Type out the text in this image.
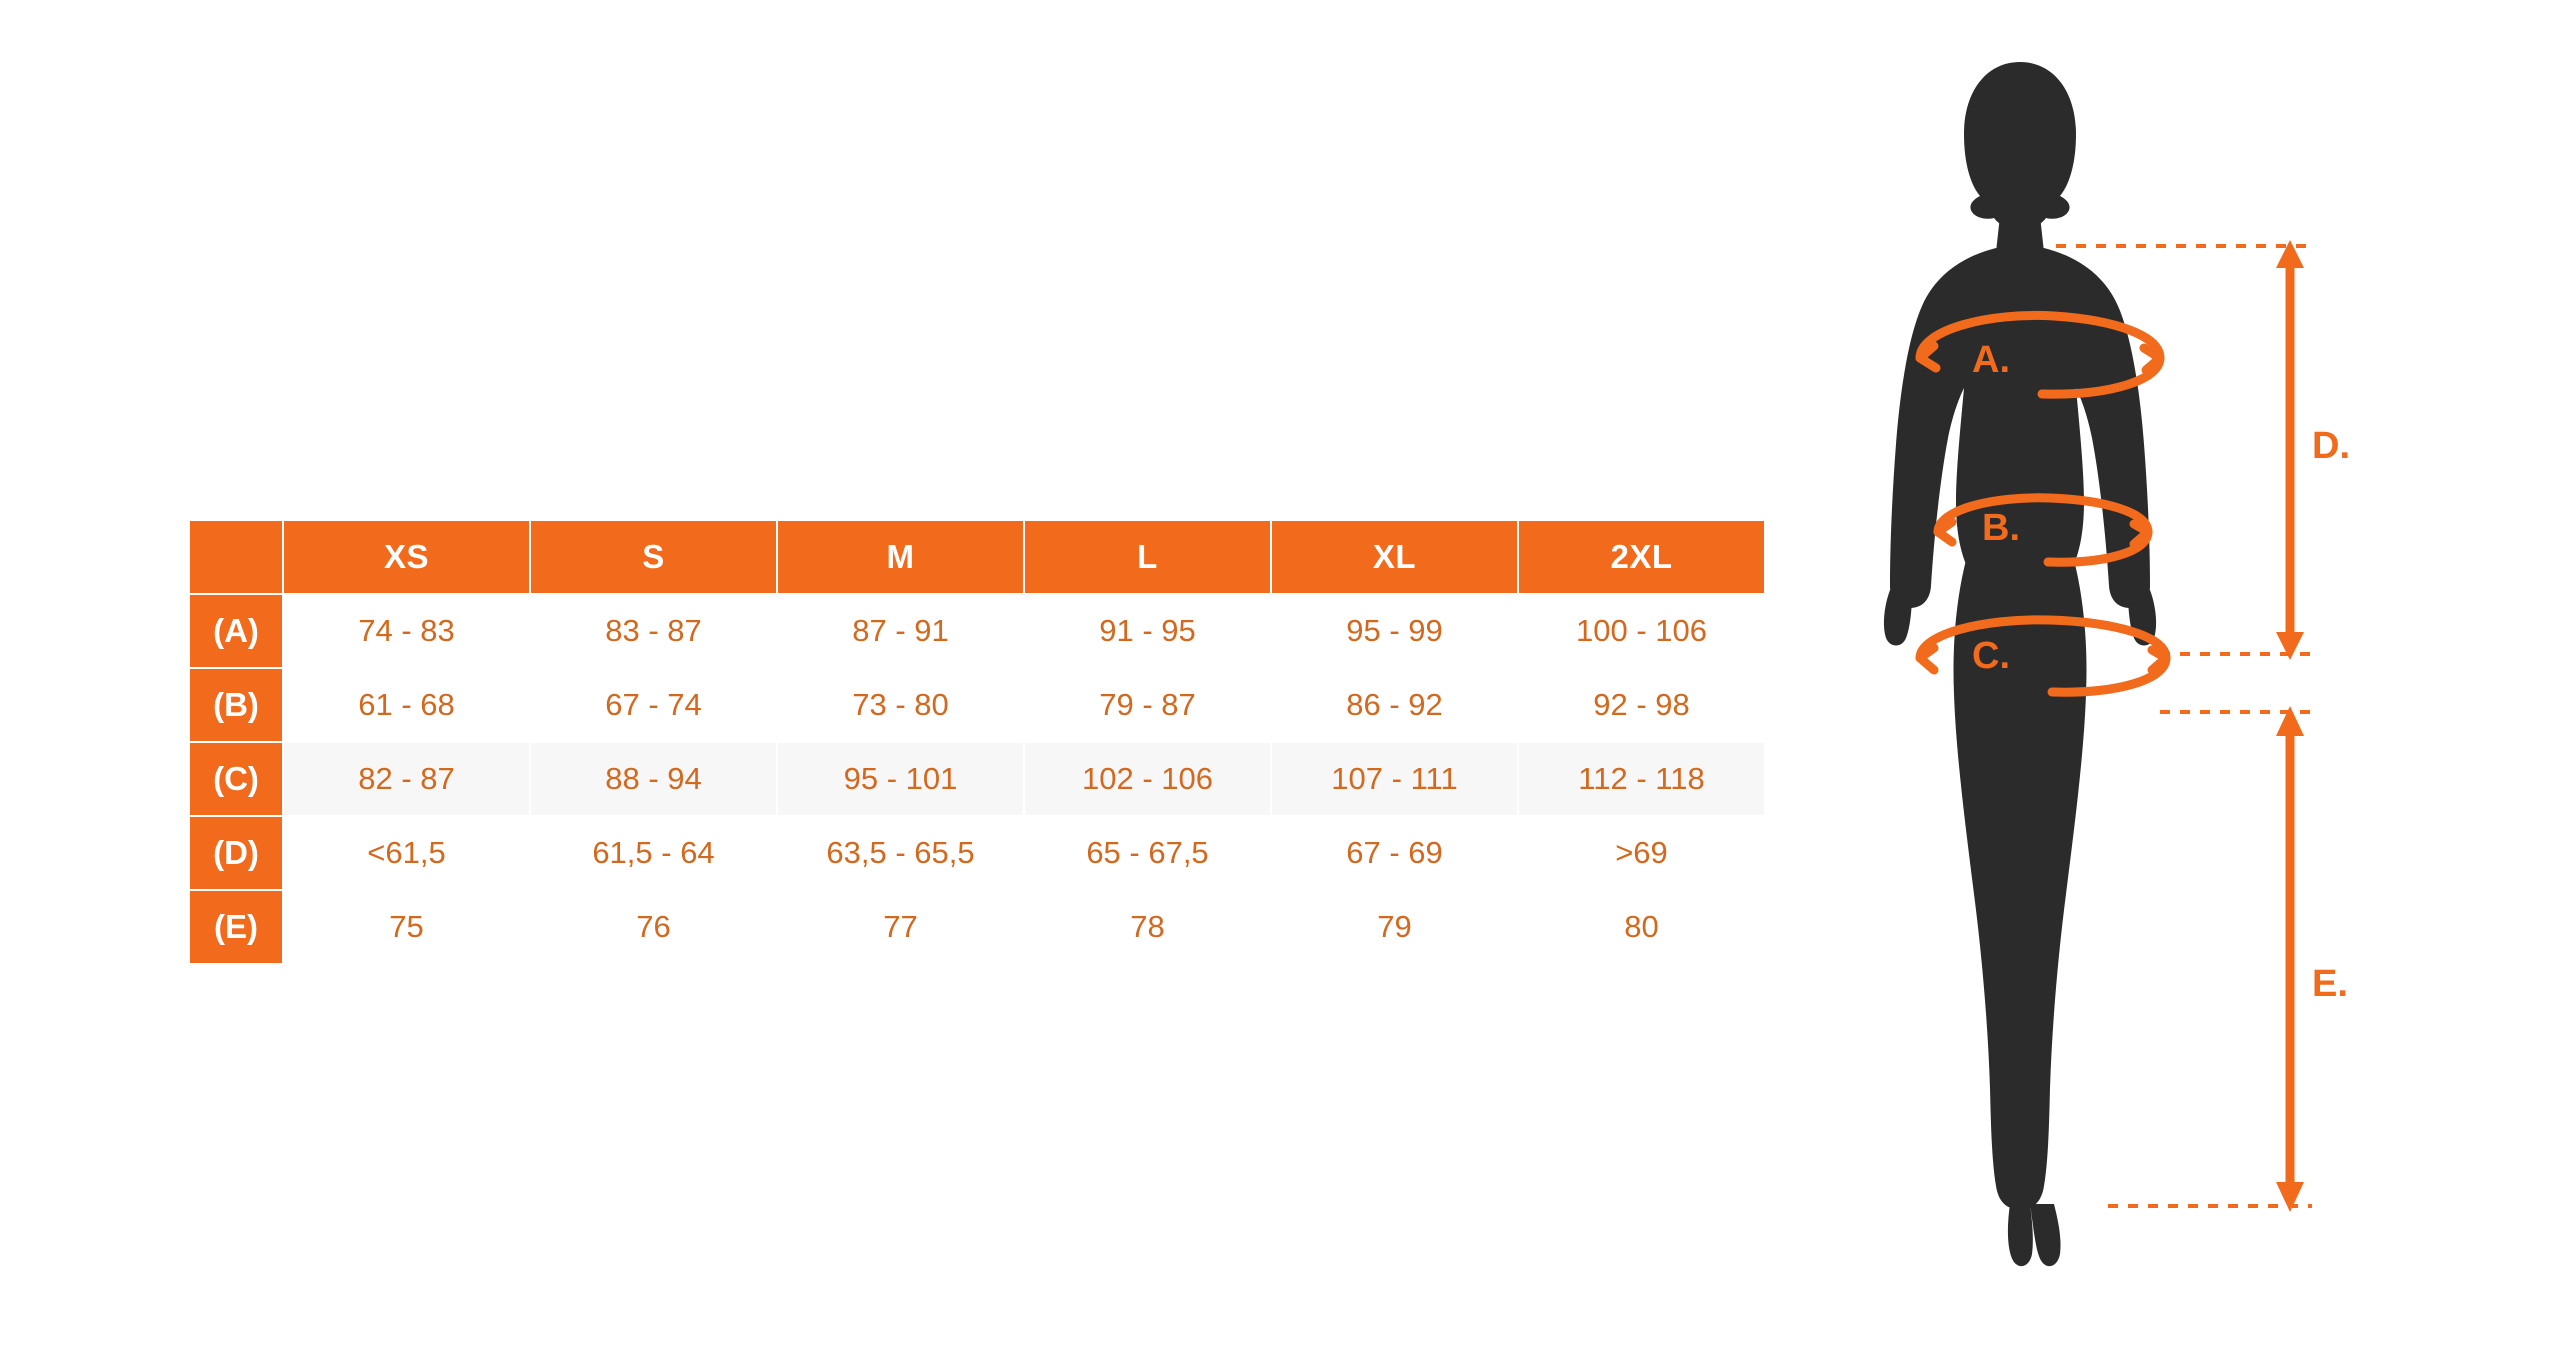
	XS	S	M	L	XL	2XL
(A)	74 - 83	83 - 87	87 - 91	91 - 95	95 - 99	100 - 106
(B)	61 - 68	67 - 74	73 - 80	79 - 87	86 - 92	92 - 98
(C)	82 - 87	88 - 94	95 - 101	102 - 106	107 - 111	112 - 118
(D)	<61,5	61,5 - 64	63,5 - 65,5	65 - 67,5	67 - 69	>69
(E)	75	76	77	78	79	80
A.
B.
C.
D.
E.
